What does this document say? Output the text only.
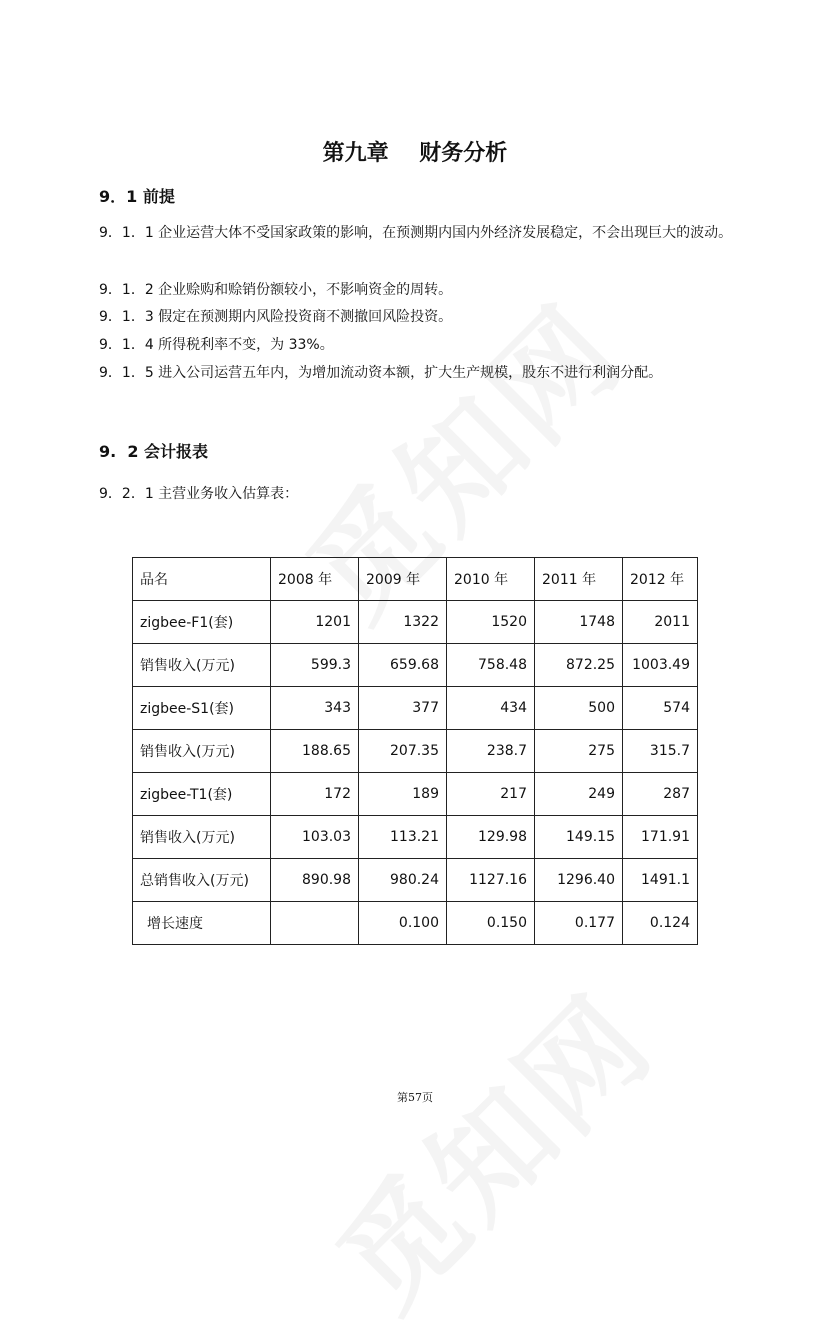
第九章    财务分析
9．1 前提
9．1．1 企业运营大体不受国家政策的影响，在预测期内国内外经济发展稳定，不会出现巨大的波动。
9．1．2 企业赊购和赊销份额较小，不影响资金的周转。
9．1．3 假定在预测期内风险投资商不测撤回风险投资。
9．1．4 所得税利率不变，为 33%。
9．1．5 进入公司运营五年内，为增加流动资本额，扩大生产规模，股东不进行利润分配。
9.  2 会计报表
9．2．1 主营业务收入估算表：
品名	2008 年	2009 年	2010 年	2011 年	2012 年
zigbee-F1(套)	1201	1322	1520	1748	2011
销售收入(万元)	599.3	659.68	758.48	872.25	1003.49
zigbee-S1(套)	343	377	434	500	574
销售收入(万元)	188.65	207.35	238.7	275	315.7
zigbee-T1(套)	172	189	217	249	287
销售收入(万元)	103.03	113.21	129.98	149.15	171.91
总销售收入(万元)	890.98	980.24	1127.16	1296.40	1491.1
增长速度		0.100	0.150	0.177	0.124
第57页
